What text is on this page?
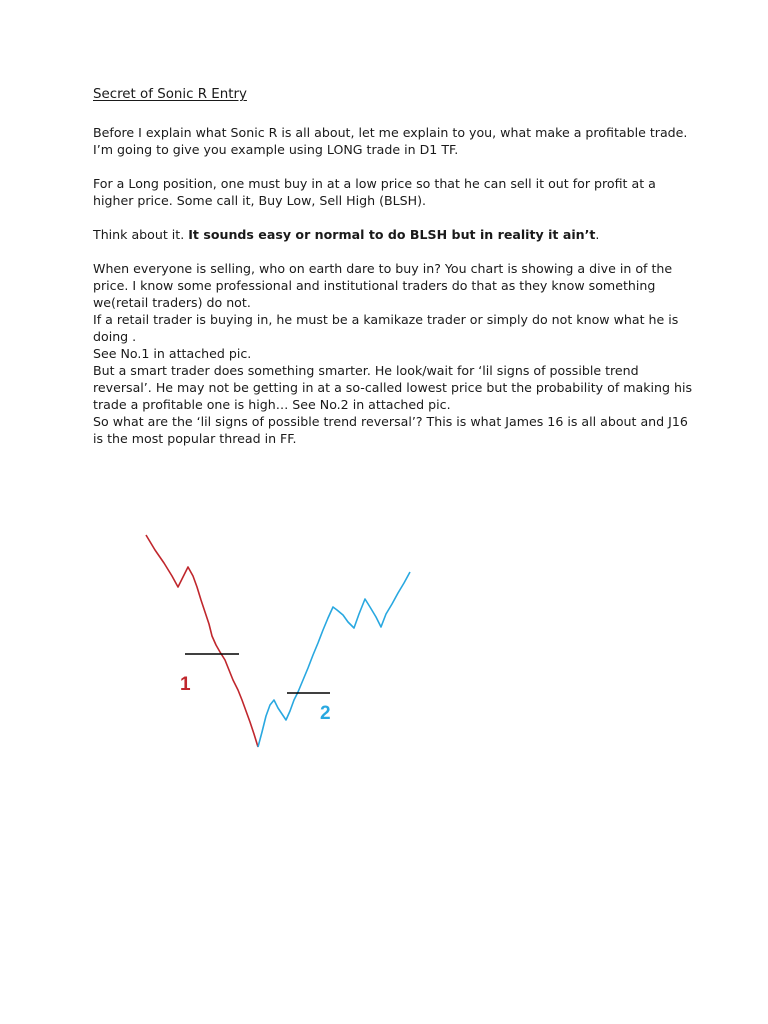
Secret of Sonic R Entry

Before I explain what Sonic R is all about, let me explain to you, what make a profitable trade. I’m going to give you example using LONG trade in D1 TF.

For a Long position, one must buy in at a low price so that he can sell it out for profit at a higher price. Some call it, Buy Low, Sell High (BLSH).

Think about it. It sounds easy or normal to do BLSH but in reality it ain’t.

When everyone is selling, who on earth dare to buy in? You chart is showing a dive in of the price. I know some professional and institutional traders do that as they know something we(retail traders) do not.

If a retail trader is buying in, he must be a kamikaze trader or simply do not know what he is doing .

See No.1 in attached pic.

But a smart trader does something smarter. He look/wait for ‘lil signs of possible trend reversal’. He may not be getting in at a so-called lowest price but the probability of making his trade a profitable one is high… See No.2 in attached pic.

So what are the ‘lil signs of possible trend reversal’? This is what James 16 is all about and J16 is the most popular thread in FF.

1
2
